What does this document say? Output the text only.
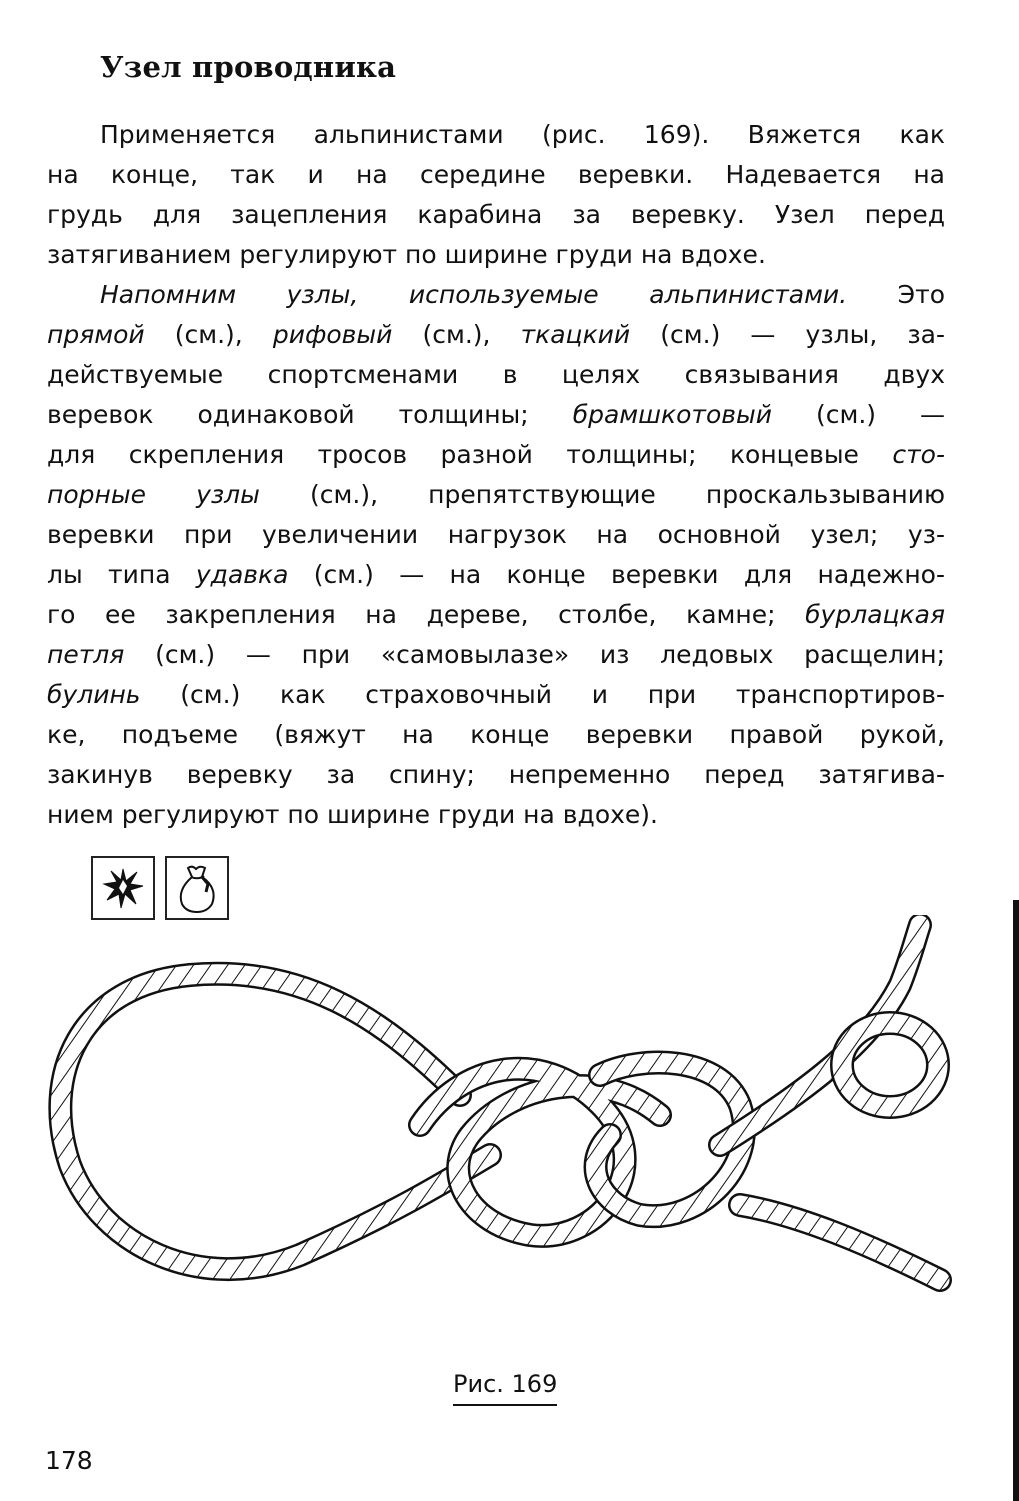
Узел проводника
Применяется альпинистами (рис. 169). Вяжется как
на конце, так и на середине веревки. Надевается на
грудь для зацепления карабина за веревку. Узел перед
затягиванием регулируют по ширине груди на вдохе.
Напомним узлы, используемые альпинистами. Это
прямой (см.), рифовый (см.), ткацкий (см.) — узлы, за-
действуемые спортсменами в целях связывания двух
веревок одинаковой толщины; брамшкотовый (см.) —
для скрепления тросов разной толщины; концевые сто-
порные узлы (см.), препятствующие проскальзыванию
веревки при увеличении нагрузок на основной узел; уз-
лы типа удавка (см.) — на конце веревки для надежно-
го ее закрепления на дереве, столбе, камне; бурлацкая
петля (см.) — при «самовылазе» из ледовых расщелин;
булинь (см.) как страховочный и при транспортиров-
ке, подъеме (вяжут на конце веревки правой рукой,
закинув веревку за спину; непременно перед затягива-
нием регулируют по ширине груди на вдохе).
Рис. 169
178
